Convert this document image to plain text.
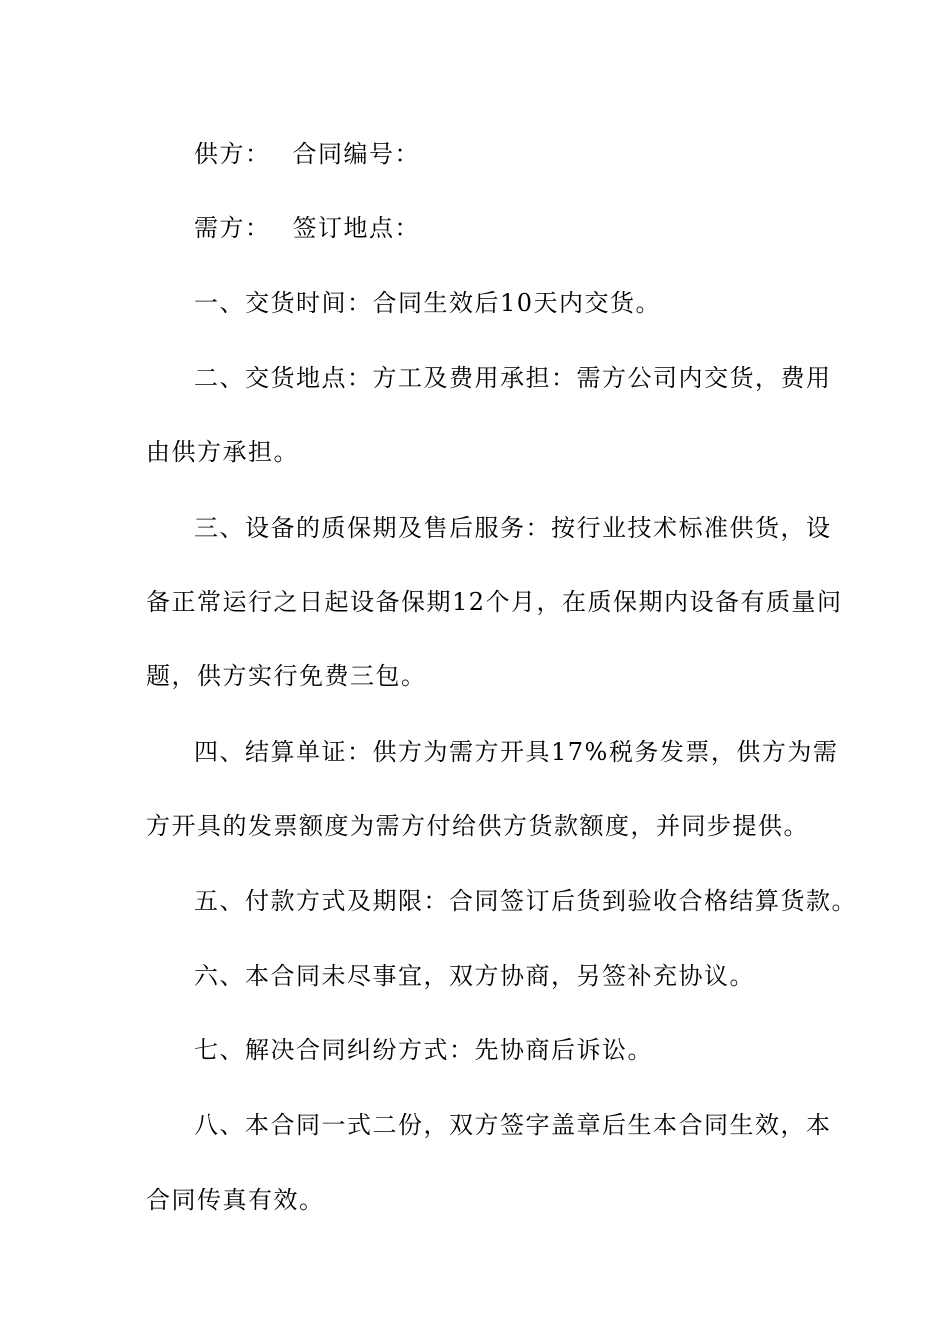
供方： 合同编号：
需方： 签订地点：
一、交货时间：合同生效后10天内交货。
二、交货地点：方工及费用承担：需方公司内交货，费用
由供方承担。
三、设备的质保期及售后服务：按行业技术标准供货，设
备正常运行之日起设备保期12个月，在质保期内设备有质量问
题，供方实行免费三包。
四、结算单证：供方为需方开具17%税务发票，供方为需
方开具的发票额度为需方付给供方货款额度，并同步提供。
五、付款方式及期限：合同签订后货到验收合格结算货款。
六、本合同未尽事宜，双方协商，另签补充协议。
七、解决合同纠纷方式：先协商后诉讼。
八、本合同一式二份，双方签字盖章后生本合同生效，本
合同传真有效。
